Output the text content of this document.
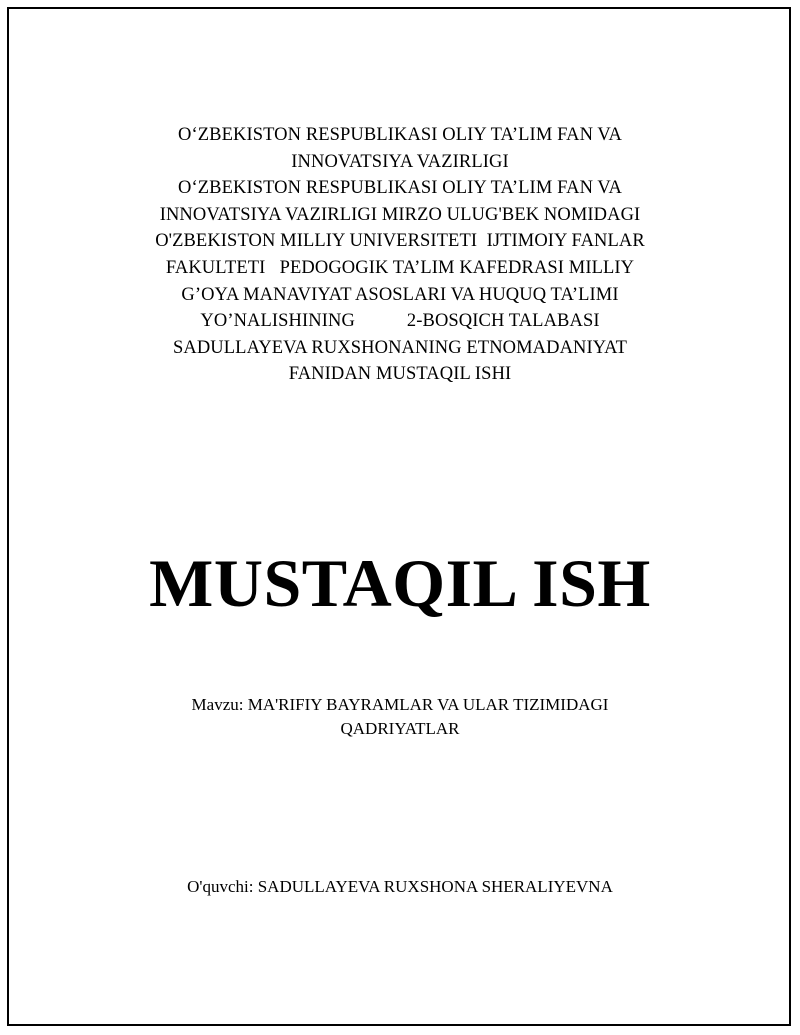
O‘ZBEKISTON RESPUBLIKASI OLIY TA’LIM FAN VA
INNOVATSIYA VAZIRLIGI
O‘ZBEKISTON RESPUBLIKASI OLIY TA’LIM FAN VA
INNOVATSIYA VAZIRLIGI MIRZO ULUG'BEK NOMIDAGI
O'ZBEKISTON MILLIY UNIVERSITETI  IJTIMOIY FANLAR
FAKULTETI   PEDOGOGIK TA’LIM KAFEDRASI MILLIY
G’OYA MANAVIYAT ASOSLARI VA HUQUQ TA’LIMI
YO’NALISHINING           2-BOSQICH TALABASI
SADULLAYEVA RUXSHONANING ETNOMADANIYAT
FANIDAN MUSTAQIL ISHI
MUSTAQIL ISH
Mavzu: MA'RIFIY BAYRAMLAR VA ULAR TIZIMIDAGI
QADRIYATLAR
O'quvchi: SADULLAYEVA RUXSHONA SHERALIYEVNA
